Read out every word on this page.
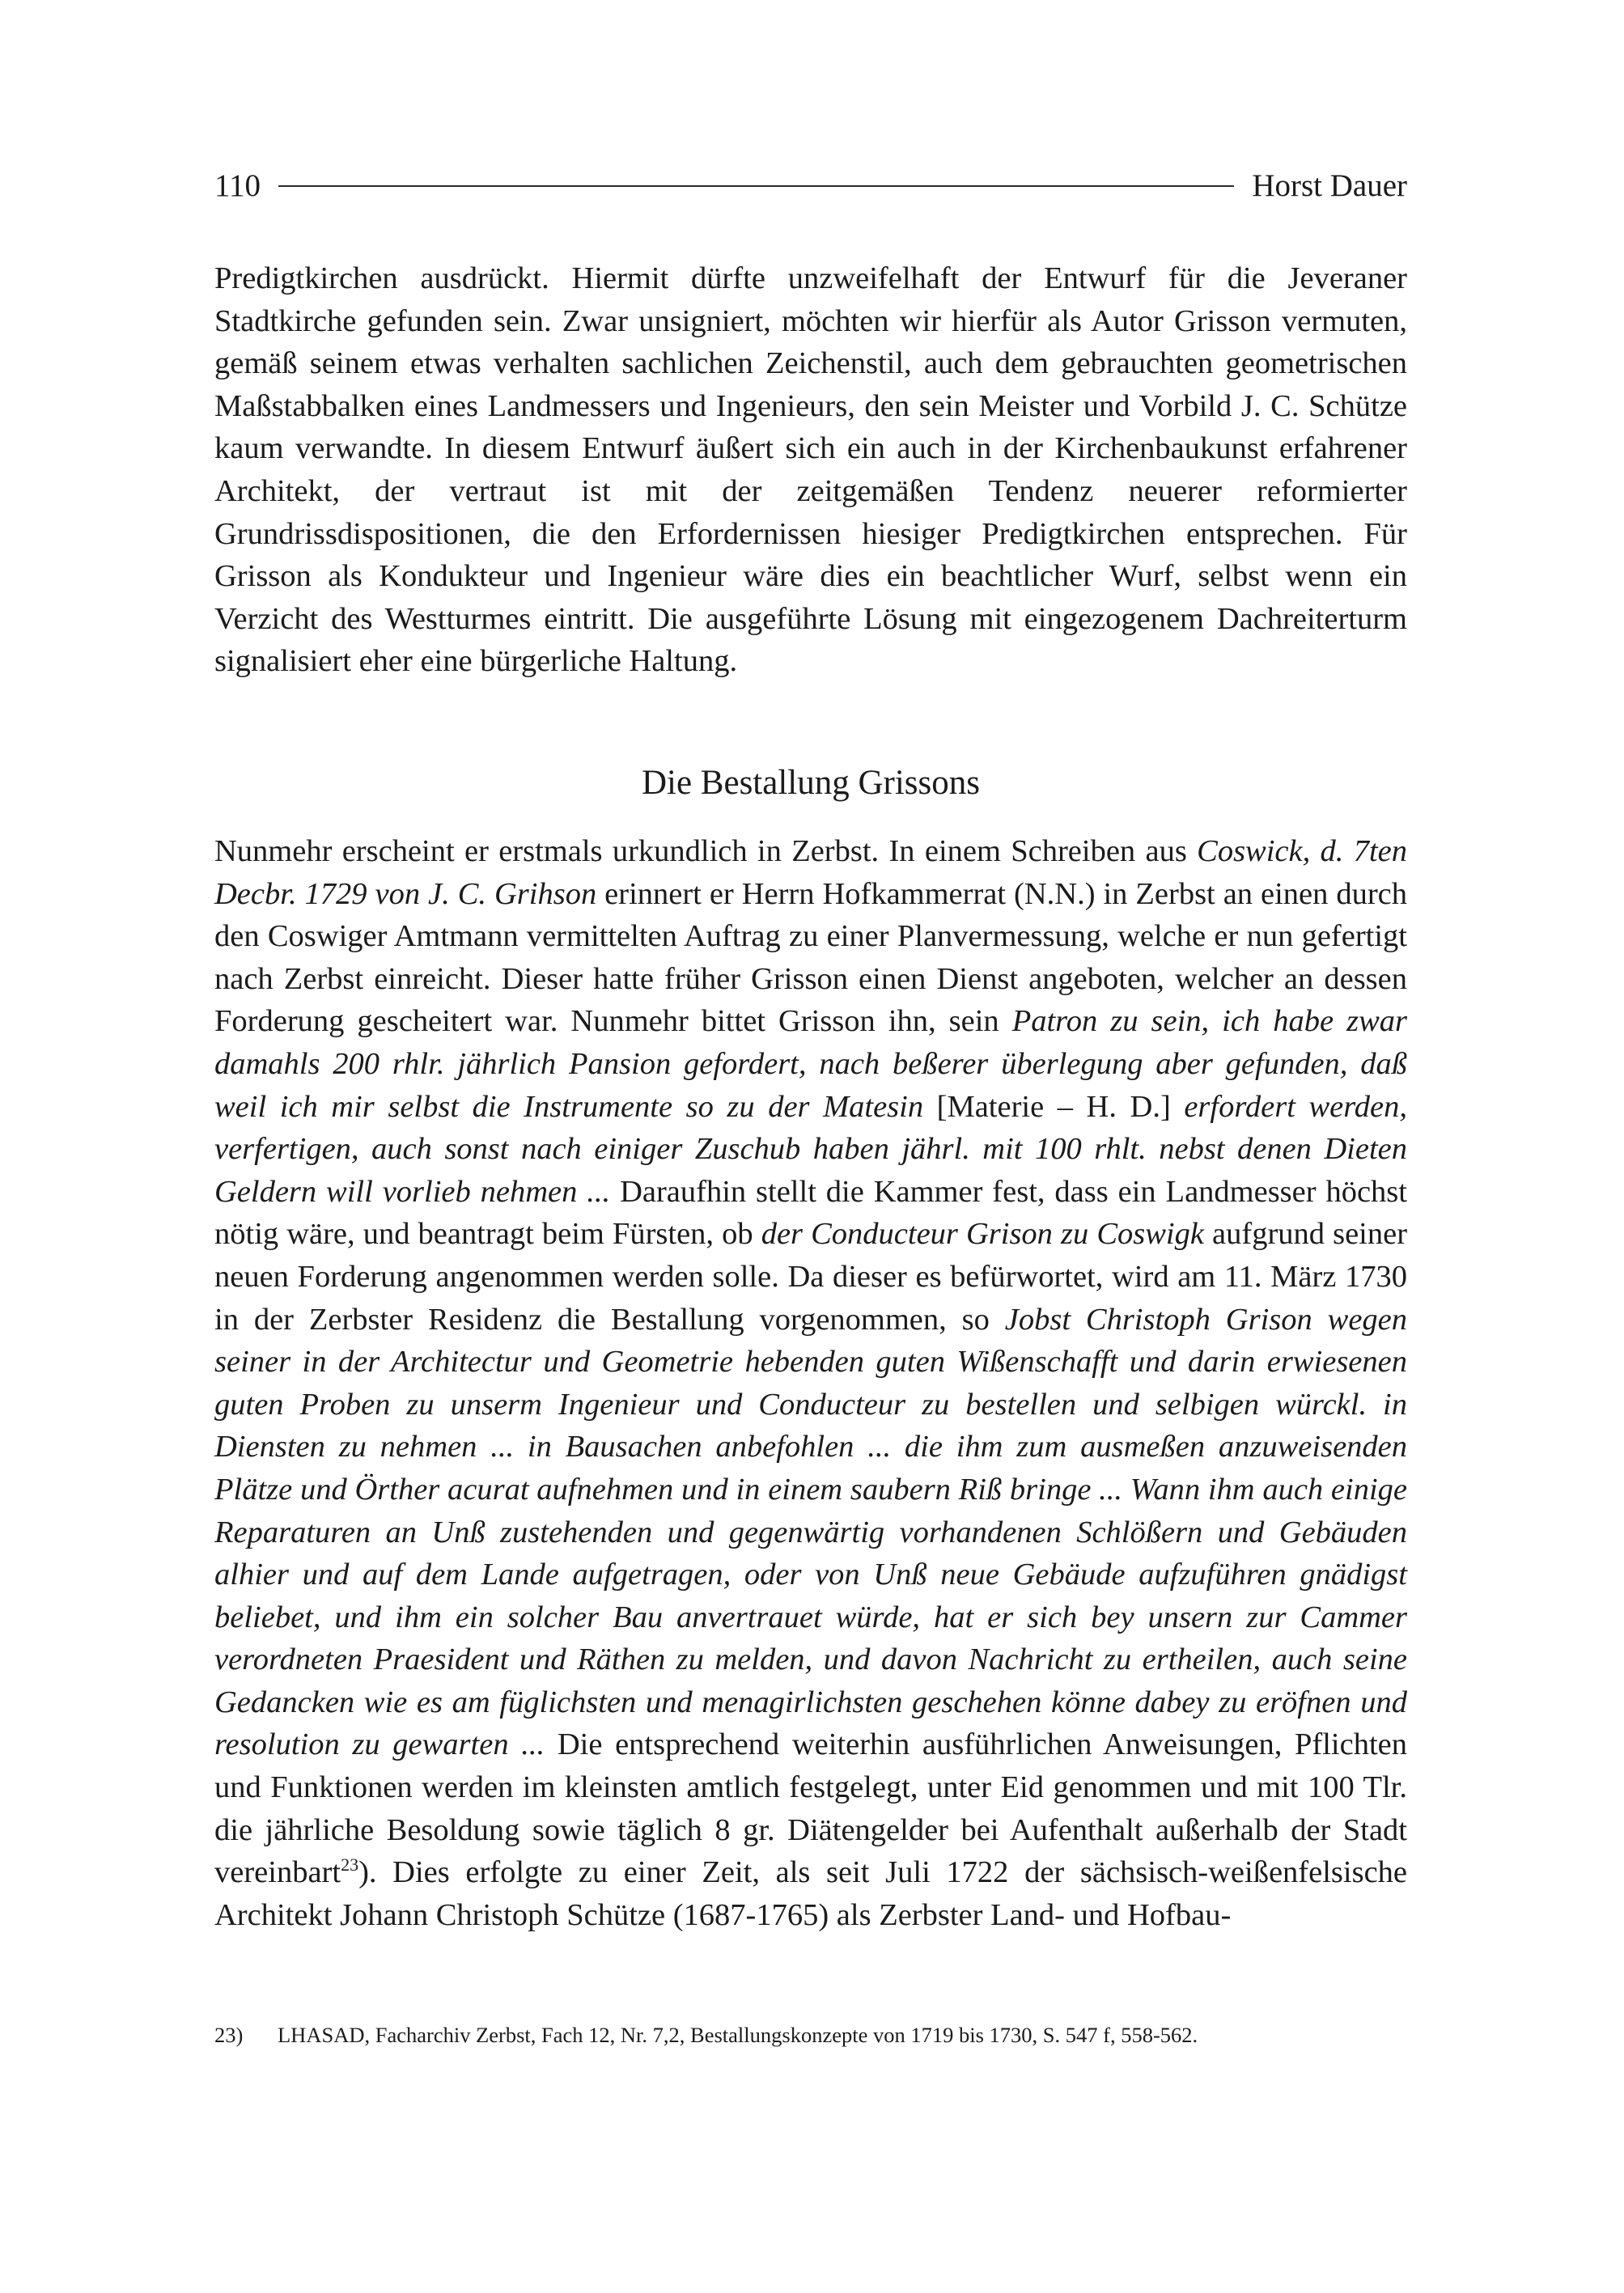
110	Horst Dauer

Predigtkirchen ausdrückt. Hiermit dürfte unzweifelhaft der Entwurf für die Jeveraner Stadtkirche gefunden sein. Zwar unsigniert, möchten wir hierfür als Autor Grisson vermuten, gemäß seinem etwas verhalten sachlichen Zeichenstil, auch dem gebrauchten geometrischen Maßstabbalken eines Landmessers und Ingenieurs, den sein Meister und Vorbild J. C. Schütze kaum verwandte. In diesem Entwurf äußert sich ein auch in der Kirchenbaukunst erfahrener Architekt, der vertraut ist mit der zeitgemäßen Tendenz neuerer reformierter Grundrissdispositionen, die den Erfordernissen hiesiger Predigtkirchen entsprechen. Für Grisson als Kondukteur und Ingenieur wäre dies ein beachtlicher Wurf, selbst wenn ein Verzicht des Westturmes eintritt. Die ausgeführte Lösung mit eingezogenem Dachreiterturm signalisiert eher eine bürgerliche Haltung.

Die Bestallung Grissons

Nunmehr erscheint er erstmals urkundlich in Zerbst. In einem Schreiben aus Coswick, d. 7ten Decbr. 1729 von J. C. Grihson erinnert er Herrn Hofkammerrat (N.N.) in Zerbst an einen durch den Coswiger Amtmann vermittelten Auftrag zu einer Planvermessung, welche er nun gefertigt nach Zerbst einreicht. Dieser hatte früher Grisson einen Dienst angeboten, welcher an dessen Forderung gescheitert war. Nunmehr bittet Grisson ihn, sein Patron zu sein, ich habe zwar damahls 200 rhlr. jährlich Pansion gefordert, nach beßerer überlegung aber gefunden, daß weil ich mir selbst die Instrumente so zu der Matesin [Materie – H. D.] erfordert werden, verfertigen, auch sonst nach einiger Zuschub haben jährl. mit 100 rhlt. nebst denen Dieten Geldern will vorlieb nehmen ... Daraufhin stellt die Kammer fest, dass ein Landmesser höchst nötig wäre, und beantragt beim Fürsten, ob der Conducteur Grison zu Coswigk aufgrund seiner neuen Forderung angenommen werden solle. Da dieser es befürwortet, wird am 11. März 1730 in der Zerbster Residenz die Bestallung vorgenommen, so Jobst Christoph Grison wegen seiner in der Architectur und Geometrie hebenden guten Wißenschafft und darin erwiesenen guten Proben zu unserm Ingenieur und Conducteur zu bestellen und selbigen würckl. in Diensten zu nehmen ... in Bausachen anbefohlen ... die ihm zum ausmeßen anzuweisenden Plätze und Örther acurat aufnehmen und in einem saubern Riß bringe ... Wann ihm auch einige Reparaturen an Unß zustehenden und gegenwärtig vorhandenen Schlößern und Gebäuden alhier und auf dem Lande aufgetragen, oder von Unß neue Gebäude aufzuführen gnädigst beliebet, und ihm ein solcher Bau anvertrauet würde, hat er sich bey unsern zur Cammer verordneten Praesident und Räthen zu melden, und davon Nachricht zu ertheilen, auch seine Gedancken wie es am füglichsten und menagirlichsten geschehen könne dabey zu eröfnen und resolution zu gewarten ... Die entsprechend weiterhin ausführlichen Anweisungen, Pflichten und Funktionen werden im kleinsten amtlich festgelegt, unter Eid genommen und mit 100 Tlr. die jährliche Besoldung sowie täglich 8 gr. Diätengelder bei Aufenthalt außerhalb der Stadt vereinbart$^{23}$). Dies erfolgte zu einer Zeit, als seit Juli 1722 der sächsisch-weißenfelsische Architekt Johann Christoph Schütze (1687-1765) als Zerbster Land- und Hofbau-

23)	LHASAD, Facharchiv Zerbst, Fach 12, Nr. 7,2, Bestallungskonzepte von 1719 bis 1730, S. 547 f, 558-562.
